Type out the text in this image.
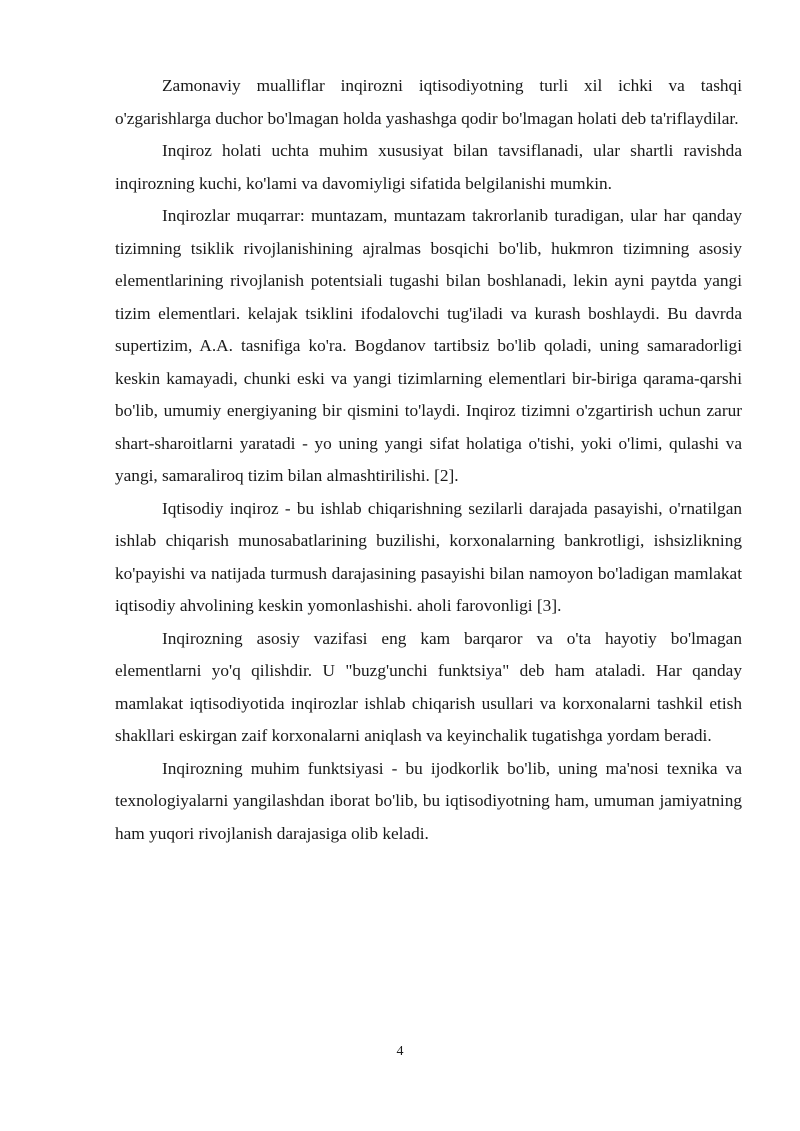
Zamonaviy mualliflar inqirozni iqtisodiyotning turli xil ichki va tashqi o'zgarishlarga duchor bo'lmagan holda yashashga qodir bo'lmagan holati deb ta'riflaydilar.

Inqiroz holati uchta muhim xususiyat bilan tavsiflanadi, ular shartli ravishda inqirozning kuchi, ko'lami va davomiyligi sifatida belgilanishi mumkin.

Inqirozlar muqarrar: muntazam, muntazam takrorlanib turadigan, ular har qanday tizimning tsiklik rivojlanishining ajralmas bosqichi bo'lib, hukmron tizimning asosiy elementlarining rivojlanish potentsiali tugashi bilan boshlanadi, lekin ayni paytda yangi tizim elementlari. kelajak tsiklini ifodalovchi tug'iladi va kurash boshlaydi. Bu davrda supertizim, A.A. tasnifiga ko'ra. Bogdanov tartibsiz bo'lib qoladi, uning samaradorligi keskin kamayadi, chunki eski va yangi tizimlarning elementlari bir-biriga qarama-qarshi bo'lib, umumiy energiyaning bir qismini to'laydi. Inqiroz tizimni o'zgartirish uchun zarur shart-sharoitlarni yaratadi - yo uning yangi sifat holatiga o'tishi, yoki o'limi, qulashi va yangi, samaraliroq tizim bilan almashtirilishi. [2].

Iqtisodiy inqiroz - bu ishlab chiqarishning sezilarli darajada pasayishi, o'rnatilgan ishlab chiqarish munosabatlarining buzilishi, korxonalarning bankrotligi, ishsizlikning ko'payishi va natijada turmush darajasining pasayishi bilan namoyon bo'ladigan mamlakat iqtisodiy ahvolining keskin yomonlashishi. aholi farovonligi [3].

Inqirozning asosiy vazifasi eng kam barqaror va o'ta hayotiy bo'lmagan elementlarni yo'q qilishdir. U "buzg'unchi funktsiya" deb ham ataladi. Har qanday mamlakat iqtisodiyotida inqirozlar ishlab chiqarish usullari va korxonalarni tashkil etish shakllari eskirgan zaif korxonalarni aniqlash va keyinchalik tugatishga yordam beradi.

Inqirozning muhim funktsiyasi - bu ijodkorlik bo'lib, uning ma'nosi texnika va texnologiyalarni yangilashdan iborat bo'lib, bu iqtisodiyotning ham, umuman jamiyatning ham yuqori rivojlanish darajasiga olib keladi.

4
